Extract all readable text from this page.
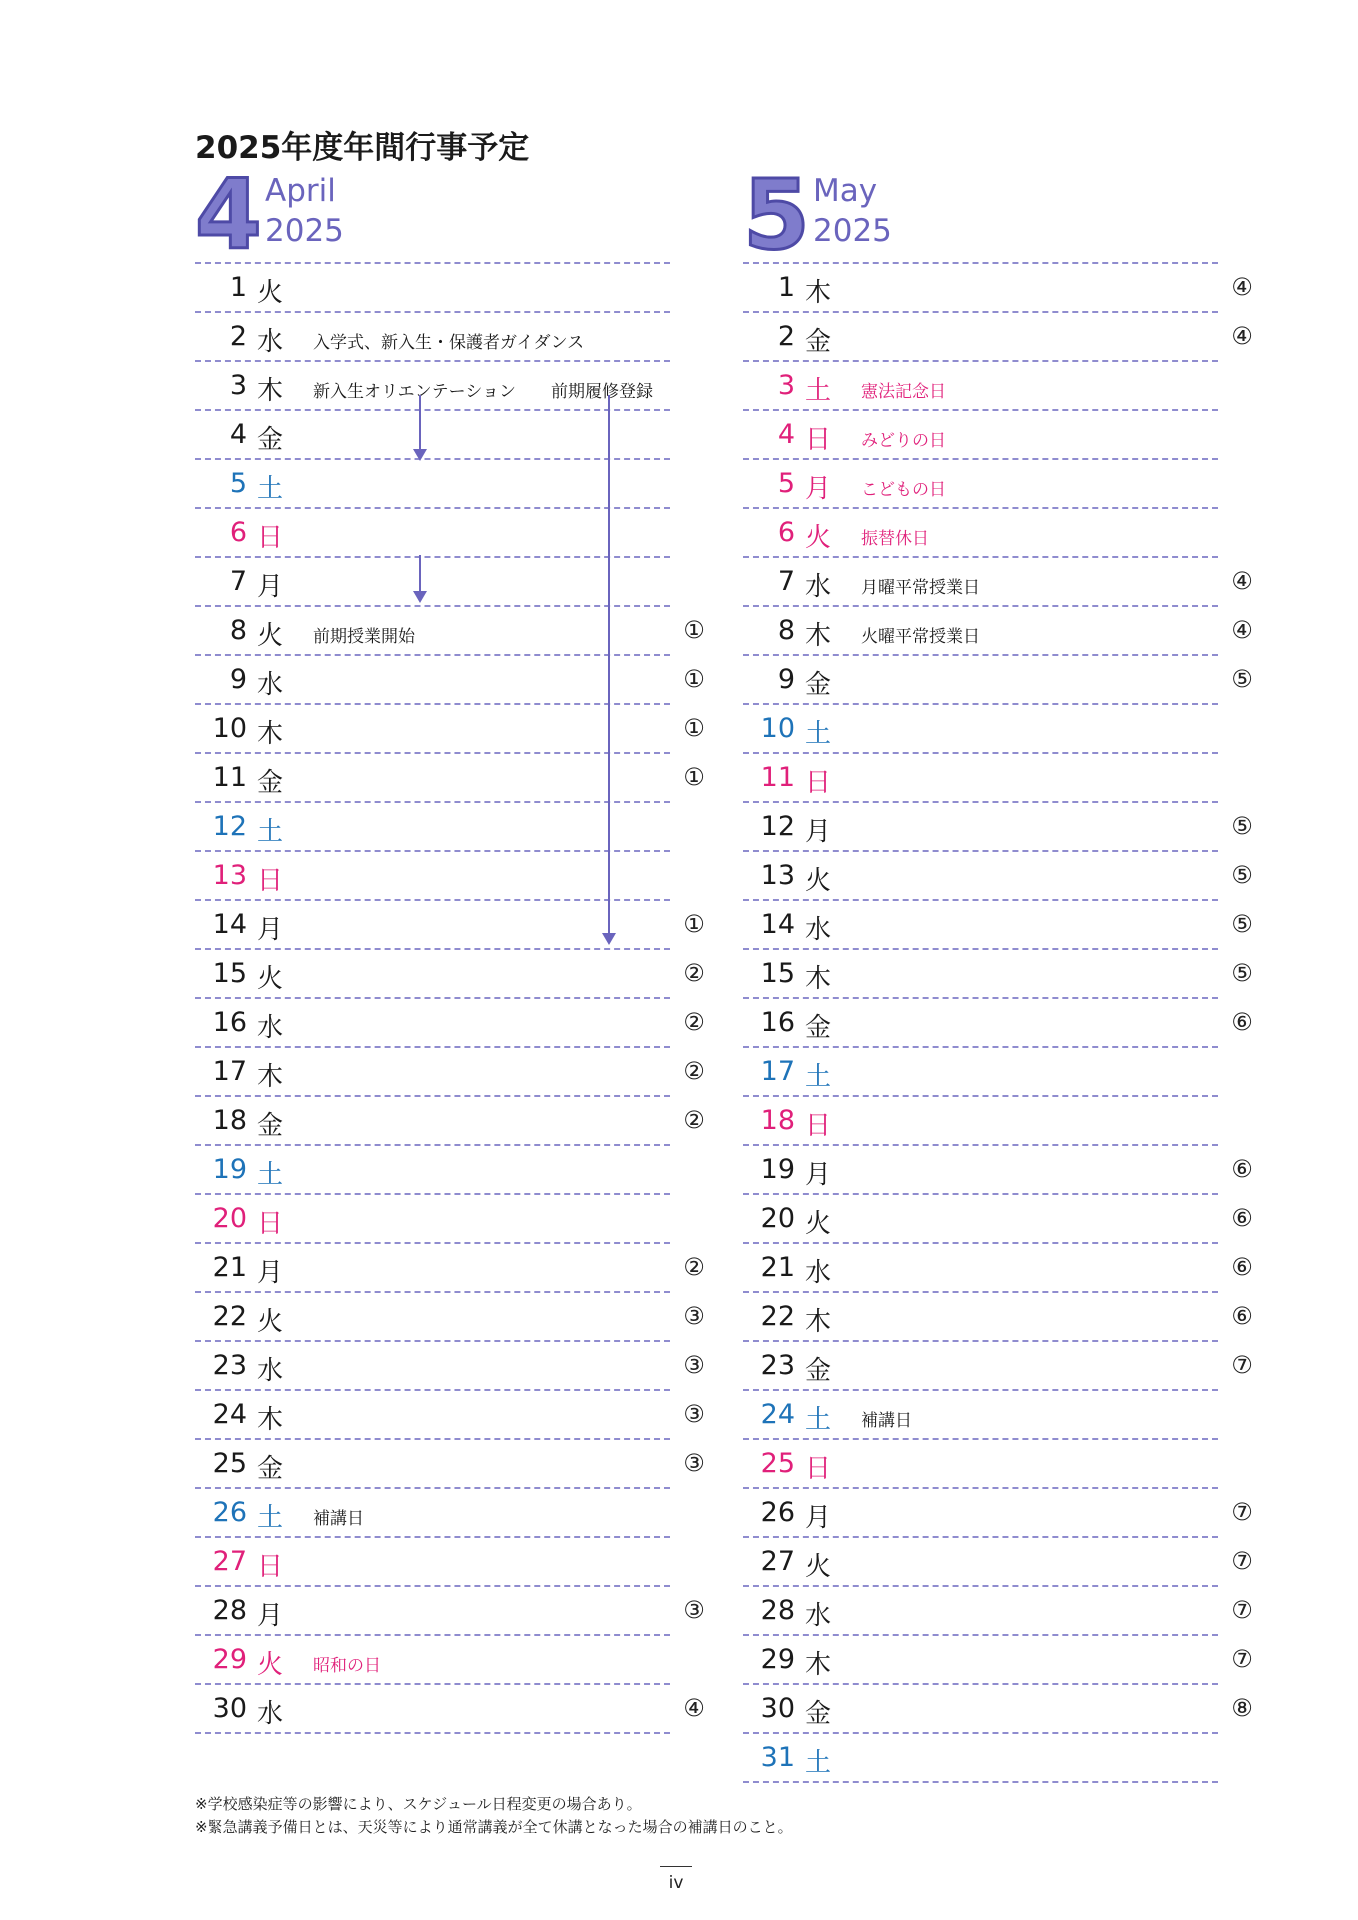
2025年度年間行事予定
4 April
2025
1 火
2 水 入学式、新入生・保護者ガイダンス
3 木 新入生オリエンテーション 前期履修登録
4 金
5 土
6 日
7 月
8 火 前期授業開始	①
9 水	①
10 木	①
11 金	①
12 土
13 日
14 月	①
15 火	②
16 水	②
17 木	②
18 金	②
19 土
20 日
21 月	②
22 火	③
23 水	③
24 木	③
25 金	③
26 土 補講日
27 日
28 月	③
29 火 昭和の日
30 水	④
5 May
2025
1 木	④
2 金	④
3 土 憲法記念日
4 日 みどりの日
5 月 こどもの日
6 火 振替休日
7 水 月曜平常授業日	④
8 木 火曜平常授業日	④
9 金	⑤
10 土
11 日
12 月	⑤
13 火	⑤
14 水	⑤
15 木	⑤
16 金	⑥
17 土
18 日
19 月	⑥
20 火	⑥
21 水	⑥
22 木	⑥
23 金	⑦
24 土 補講日
25 日
26 月	⑦
27 火	⑦
28 水	⑦
29 木	⑦
30 金	⑧
31 土
※学校感染症等の影響により、スケジュール日程変更の場合あり。
※緊急講義予備日とは、天災等により通常講義が全て休講となった場合の補講日のこと。
iv
